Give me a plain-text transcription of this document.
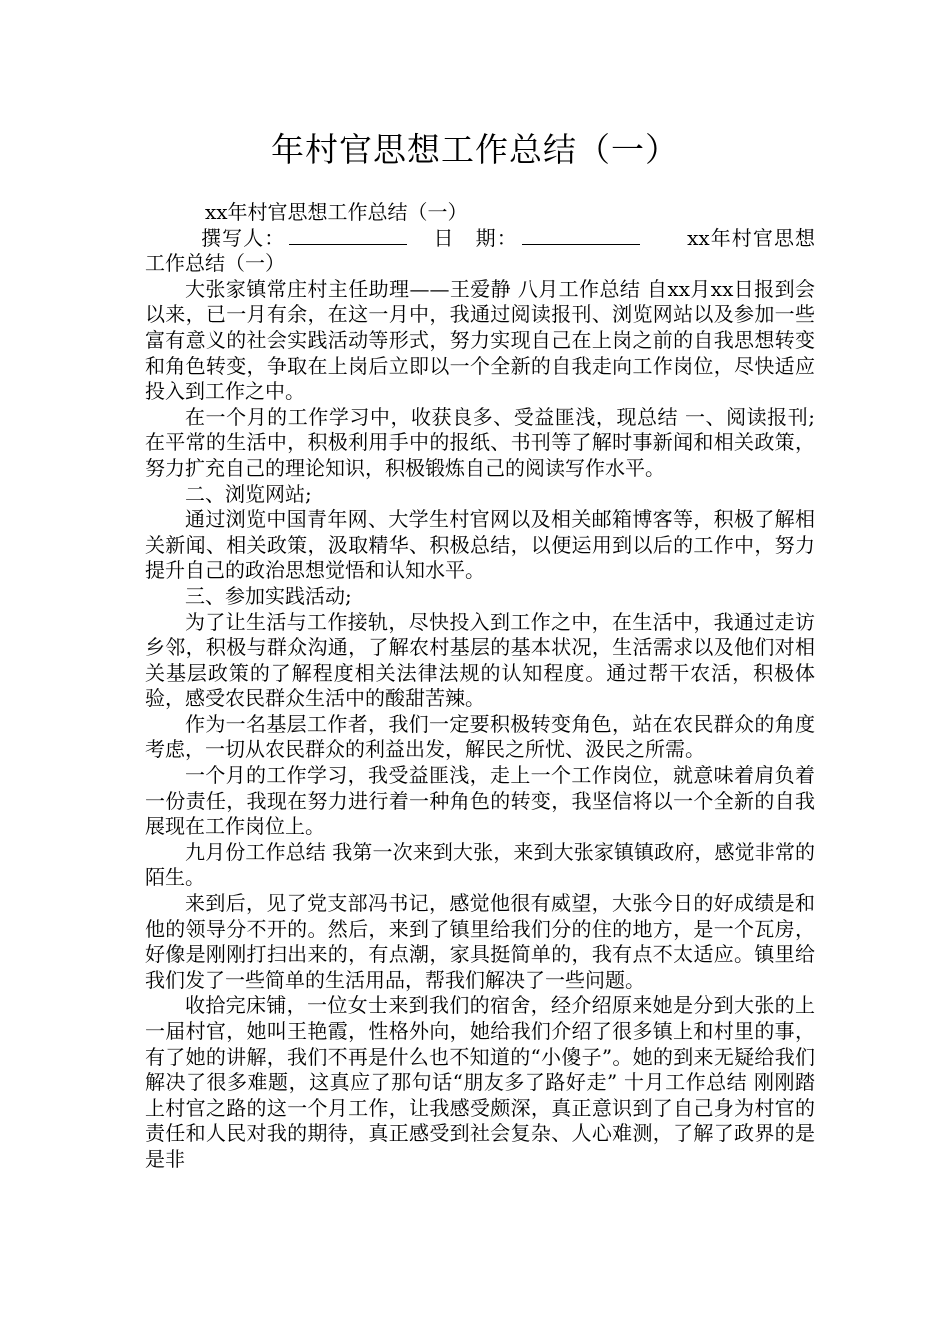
年村官思想工作总结（一）

xx年村官思想工作总结（一）

撰写人：　	日　期：　　	xx年村官思想工作总结（一）

大张家镇常庄村主任助理——王爱静 八月工作总结 自xx月xx日报到会以来，已一月有余，在这一月中，我通过阅读报刊、浏览网站以及参加一些富有意义的社会实践活动等形式，努力实现自己在上岗之前的自我思想转变和角色转变，争取在上岗后立即以一个全新的自我走向工作岗位，尽快适应投入到工作之中。

在一个月的工作学习中，收获良多、受益匪浅，现总结 一、阅读报刊; 在平常的生活中，积极利用手中的报纸、书刊等了解时事新闻和相关政策，努力扩充自己的理论知识，积极锻炼自己的阅读写作水平。

二、浏览网站;

通过浏览中国青年网、大学生村官网以及相关邮箱博客等，积极了解相关新闻、相关政策，汲取精华、积极总结，以便运用到以后的工作中，努力提升自己的政治思想觉悟和认知水平。

三、参加实践活动;

为了让生活与工作接轨，尽快投入到工作之中，在生活中，我通过走访乡邻，积极与群众沟通，了解农村基层的基本状况，生活需求以及他们对相关基层政策的了解程度相关法律法规的认知程度。通过帮干农活，积极体验，感受农民群众生活中的酸甜苦辣。

作为一名基层工作者，我们一定要积极转变角色，站在农民群众的角度考虑，一切从农民群众的利益出发，解民之所忧、汲民之所需。

一个月的工作学习，我受益匪浅，走上一个工作岗位，就意味着肩负着一份责任，我现在努力进行着一种角色的转变，我坚信将以一个全新的自我展现在工作岗位上。

九月份工作总结 我第一次来到大张，来到大张家镇镇政府，感觉非常的陌生。

来到后，见了党支部冯书记，感觉他很有威望，大张今日的好成绩是和他的领导分不开的。然后，来到了镇里给我们分的住的地方，是一个瓦房，好像是刚刚打扫出来的，有点潮，家具挺简单的，我有点不太适应。镇里给我们发了一些简单的生活用品，帮我们解决了一些问题。

收拾完床铺，一位女士来到我们的宿舍，经介绍原来她是分到大张的上一届村官，她叫王艳霞，性格外向，她给我们介绍了很多镇上和村里的事，有了她的讲解，我们不再是什么也不知道的“小傻子”。她的到来无疑给我们解决了很多难题，这真应了那句话“朋友多了路好走” 十月工作总结 刚刚踏上村官之路的这一个月工作，让我感受颇深，真正意识到了自己身为村官的责任和人民对我的期待，真正感受到社会复杂、人心难测，了解了政界的是是非
